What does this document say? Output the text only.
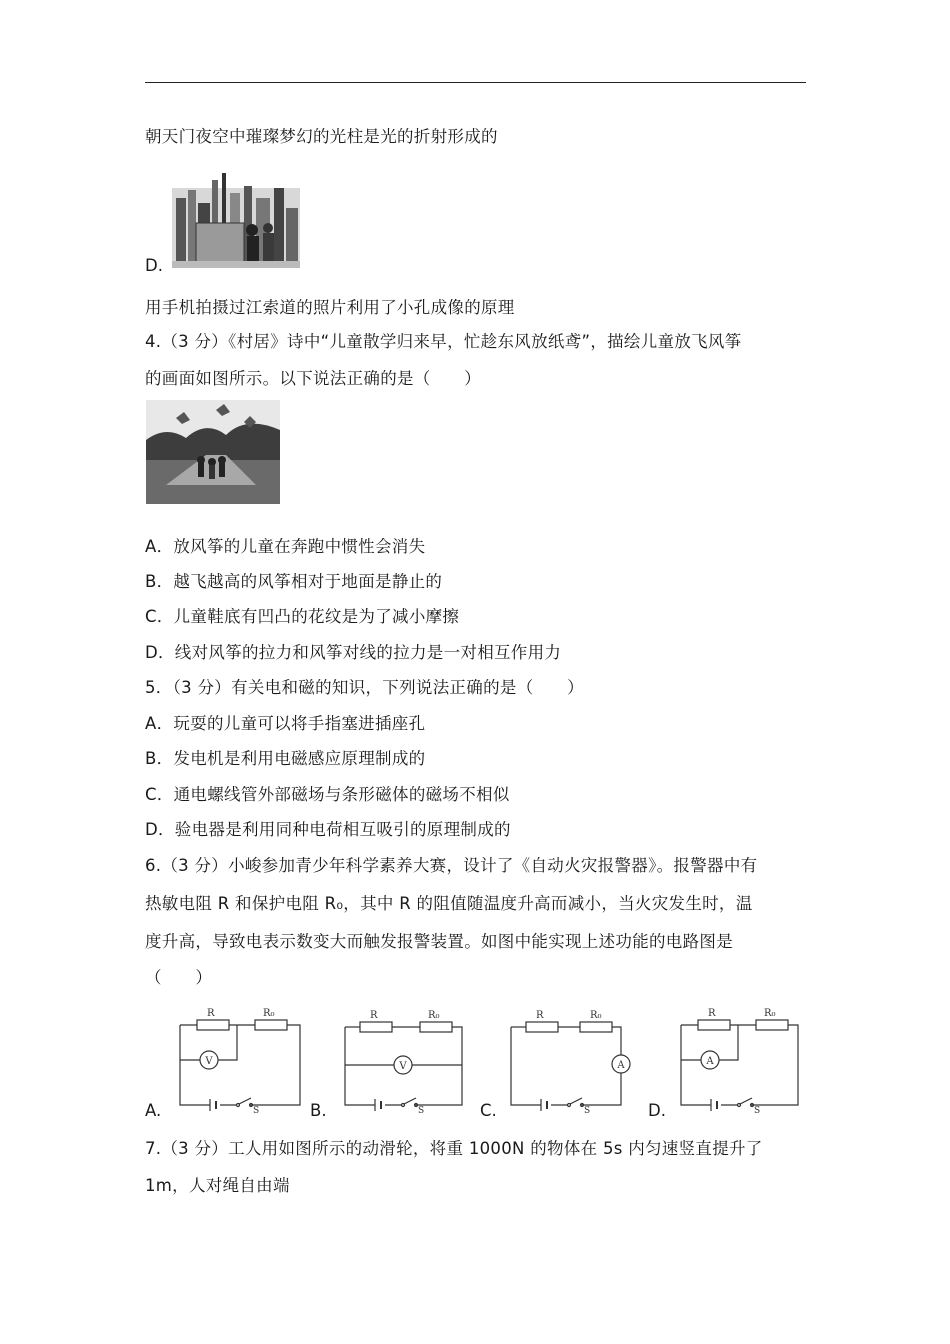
朝天门夜空中璀璨梦幻的光柱是光的折射形成的
D.
用手机拍摄过江索道的照片利用了小孔成像的原理
4.（3 分）《村居》诗中“儿童散学归来早，忙趁东风放纸鸢”，描绘儿童放飞风筝
的画面如图所示。以下说法正确的是（　　）
A．放风筝的儿童在奔跑中惯性会消失
B．越飞越高的风筝相对于地面是静止的
C．儿童鞋底有凹凸的花纹是为了减小摩擦
D．线对风筝的拉力和风筝对线的拉力是一对相互作用力
5．（3 分）有关电和磁的知识，下列说法正确的是（　　）
A．玩耍的儿童可以将手指塞进插座孔
B．发电机是利用电磁感应原理制成的
C．通电螺线管外部磁场与条形磁体的磁场不相似
D．验电器是利用同种电荷相互吸引的原理制成的
6.（3 分）小峻参加青少年科学素养大赛，设计了《自动火灾报警器》。报警器中有
热敏电阻 R 和保护电阻 R₀，其中 R 的阻值随温度升高而减小，当火灾发生时，温
度升高，导致电表示数变大而触发报警装置。如图中能实现上述功能的电路图是
（　　）
A.
V
R	R₀
S	B.
V
R	R₀
S	C.
A
R	R₀
S	D.
A
R	R₀
S
7.（3 分）工人用如图所示的动滑轮，将重 1000N 的物体在 5s 内匀速竖直提升了
1m，人对绳自由端
